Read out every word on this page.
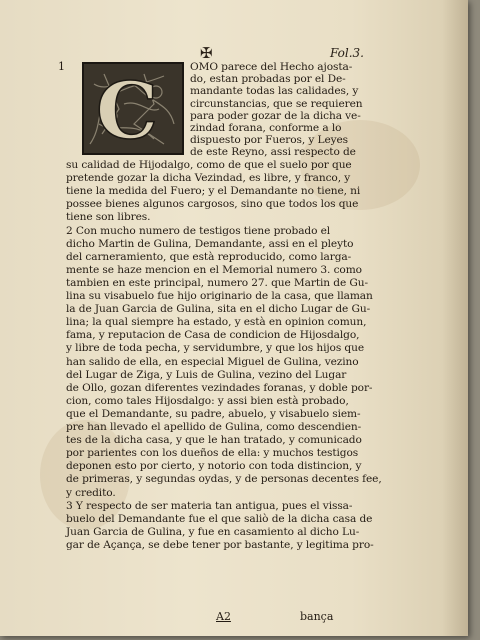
✠	Fol.3.
1 C	OMO parece del Hecho ajosta-
do, estan probadas por el De-
mandante todas las calidades, y
circunstancias, que se requieren
para poder gozar de la dicha ve-
zindad forana, conforme a lo
dispuesto por Fueros, y Leyes
de este Reyno, assi respecto de
su calidad de Hijodalgo, como de que el suelo por que
pretende gozar la dicha Vezindad, es libre, y franco, y
tiene la medida del Fuero; y el Demandante no tiene, ni
possee bienes algunos cargosos, sino que todos los que
tiene son libres.
2 Con mucho numero de testigos tiene probado el
dicho Martin de Gulina, Demandante, assi en el pleyto
del carneramiento, que està reproducido, como larga-
mente se haze mencion en el Memorial numero 3. como
tambien en este principal, numero 27. que Martin de Gu-
lina su visabuelo fue hijo originario de la casa, que llaman
la de Juan Garcia de Gulina, sita en el dicho Lugar de Gu-
lina; la qual siempre ha estado, y està en opinion comun,
fama, y reputacion de Casa de condicion de Hijosdalgo,
y libre de toda pecha, y servidumbre, y que los hijos que
han salido de ella, en especial Miguel de Gulina, vezino
del Lugar de Ziga, y Luis de Gulina, vezino del Lugar
de Ollo, gozan diferentes vezindades foranas, y doble por-
cion, como tales Hijosdalgo: y assi bien està probado,
que el Demandante, su padre, abuelo, y visabuelo siem-
pre han llevado el apellido de Gulina, como descendien-
tes de la dicha casa, y que le han tratado, y comunicado
por parientes con los dueños de ella: y muchos testigos
deponen esto por cierto, y notorio con toda distincion, y
de primeras, y segundas oydas, y de personas decentes fee,
y credito.
3 Y respecto de ser materia tan antigua, pues el vissa-
buelo del Demandante fue el que saliò de la dicha casa de
Juan Garcia de Gulina, y fue en casamiento al dicho Lu-
gar de Açança, se debe tener por bastante, y legitima pro-
A2	bança
